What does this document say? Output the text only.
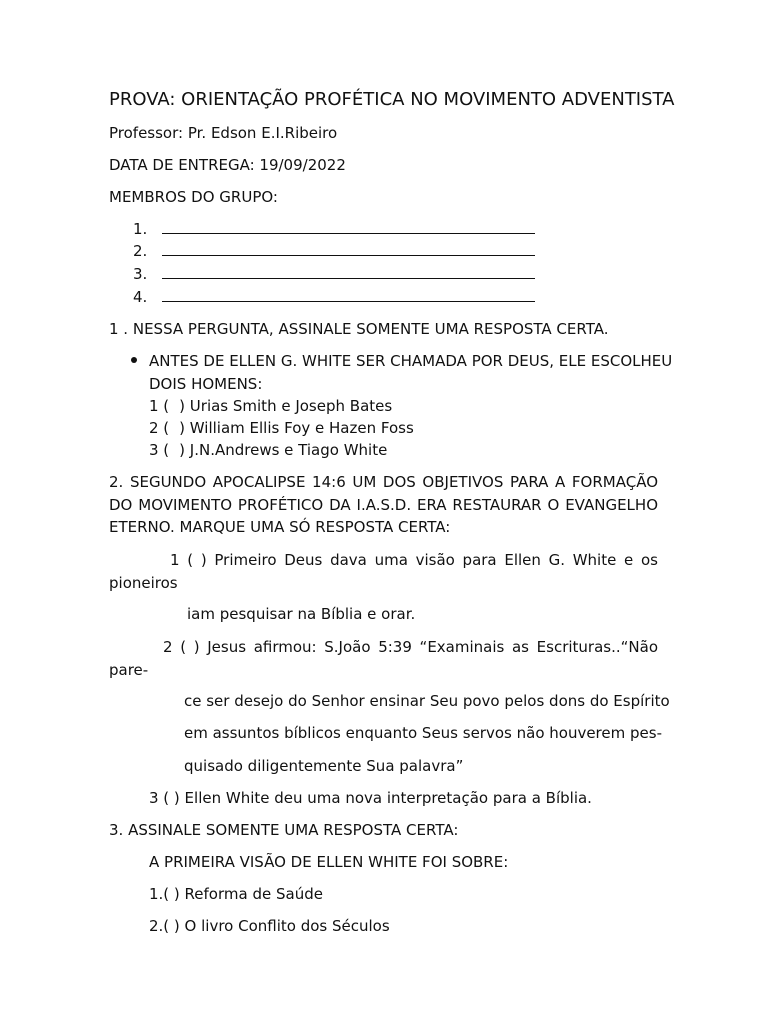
PROVA: ORIENTAÇÃO PROFÉTICA NO MOVIMENTO ADVENTISTA
Professor: Pr. Edson E.I.Ribeiro
DATA DE ENTREGA: 19/09/2022
MEMBROS DO GRUPO:
1.
2.
3.
4.
1 . NESSA PERGUNTA, ASSINALE SOMENTE UMA RESPOSTA CERTA.
ANTES DE ELLEN G. WHITE SER CHAMADA POR DEUS, ELE ESCOLHEU
DOIS HOMENS:
1 ( ) Urias Smith e Joseph Bates
2 ( ) William Ellis Foy e Hazen Foss
3 ( ) J.N.Andrews e Tiago White
2. SEGUNDO APOCALIPSE 14:6 UM DOS OBJETIVOS PARA A FORMAÇÃO
DO MOVIMENTO PROFÉTICO DA I.A.S.D. ERA RESTAURAR O EVANGELHO
ETERNO. MARQUE UMA SÓ RESPOSTA CERTA:
1 ( ) Primeiro Deus dava uma visão para Ellen G. White e os
pioneiros
iam pesquisar na Bíblia e orar.
2 ( ) Jesus afirmou: S.João 5:39 “Examinais as Escrituras..“Não
pare-
ce ser desejo do Senhor ensinar Seu povo pelos dons do Espírito
em assuntos bíblicos enquanto Seus servos não houverem pes-
quisado diligentemente Sua palavra”
3 ( ) Ellen White deu uma nova interpretação para a Bíblia.
3. ASSINALE SOMENTE UMA RESPOSTA CERTA:
A PRIMEIRA VISÃO DE ELLEN WHITE FOI SOBRE:
1.( ) Reforma de Saúde
2.( ) O livro Conflito dos Séculos
